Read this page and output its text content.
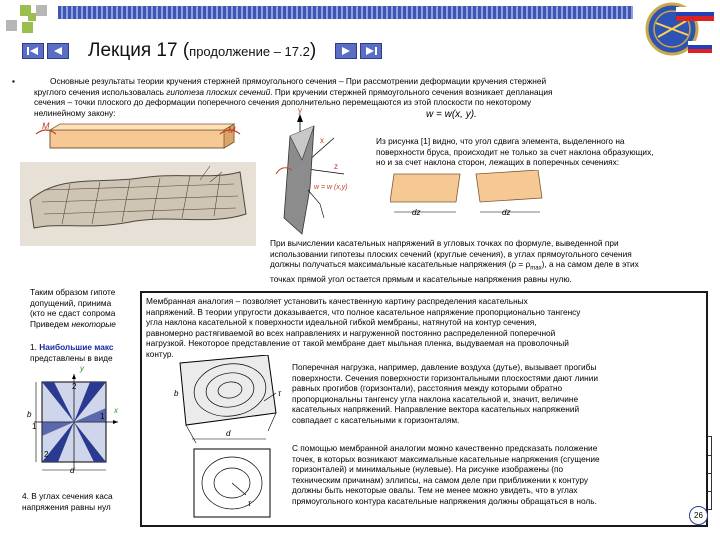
Лекция 17 (продолжение – 17.2)
▪	Основные результаты теории кручения стержней прямоугольного сечения – При рассмотрении деформации кручения стержней
круглого сечения использовалась гипотеза плоских сечений. При кручении стержней прямоугольного сечения возникает депланация
сечения – точки плоского до деформации поперечного сечения дополнительно перемещаются из этой плоскости по некоторому
нелинейному закону:	w = w(x, y).
M	M
y
x
z
w = w (x,y)
Из рисунка [1] видно, что угол сдвига элемента, выделенного на
поверхности бруса, происходит не только за счет наклона образующих,
но и за счет наклона сторон, лежащих в поперечных сечениях:
dz	dz
При вычислении касательных напряжений в угловых точках по формуле, выведенной при
использовании гипотезы плоских сечений (круглые сечения), в углах прямоугольного сечения
должны получаться максимальные касательные напряжения $(\rho = \rho_{max})$, а на самом деле в этих
точках прямой угол остается прямым и касательные напряжения равны нулю.
Таким образом гипоте
допущений, принима
(кто не сдаст сопрома
Приведем некоторые
1. Наибольшие макс
представлены в виде
y
x
b
1
1
2
2
d
4. В углах сечения каса
напряжения равны нул
Мембранная аналогия – позволяет установить качественную картину распределения касательных
напряжений. В теории упругости доказывается, что полное касательное напряжение пропорционально тангенсу
угла наклона касательной к поверхности идеальной гибкой мембраны, натянутой на контур сечения,
равномерно растягиваемой во всех направлениях и нагруженной постоянно распределенной поперечной
нагрузкой. Некоторое представление от такой мембране дает мыльная пленка, выдуваемая на проволочный
контур.
b
d
τ
τ
Поперечная нагрузка, например, давление воздуха (дутье), вызывает прогибы
поверхности. Сечения поверхности горизонтальными плоскостями дают линии
равных прогибов (горизонтали), расстояния между которыми обратно
пропорциональны тангенсу угла наклона касательной и, значит, величине
касательных напряжений. Направление вектора касательных напряжений
совпадает с касательными к горизонталям.
С помощью мембранной аналогии можно качественно предсказать положение
точек, в которых возникают максимальные касательные напряжения (сгущение
горизонталей) и минимальные (нулевые). На рисунке изображены (по
техническим причинам) эллипсы, на самом деле при приближении к контуру
должны быть некоторые овалы. Тем не менее можно увидеть, что в углах
прямоугольного контура касательные напряжения должны обращаться в ноль.
26
